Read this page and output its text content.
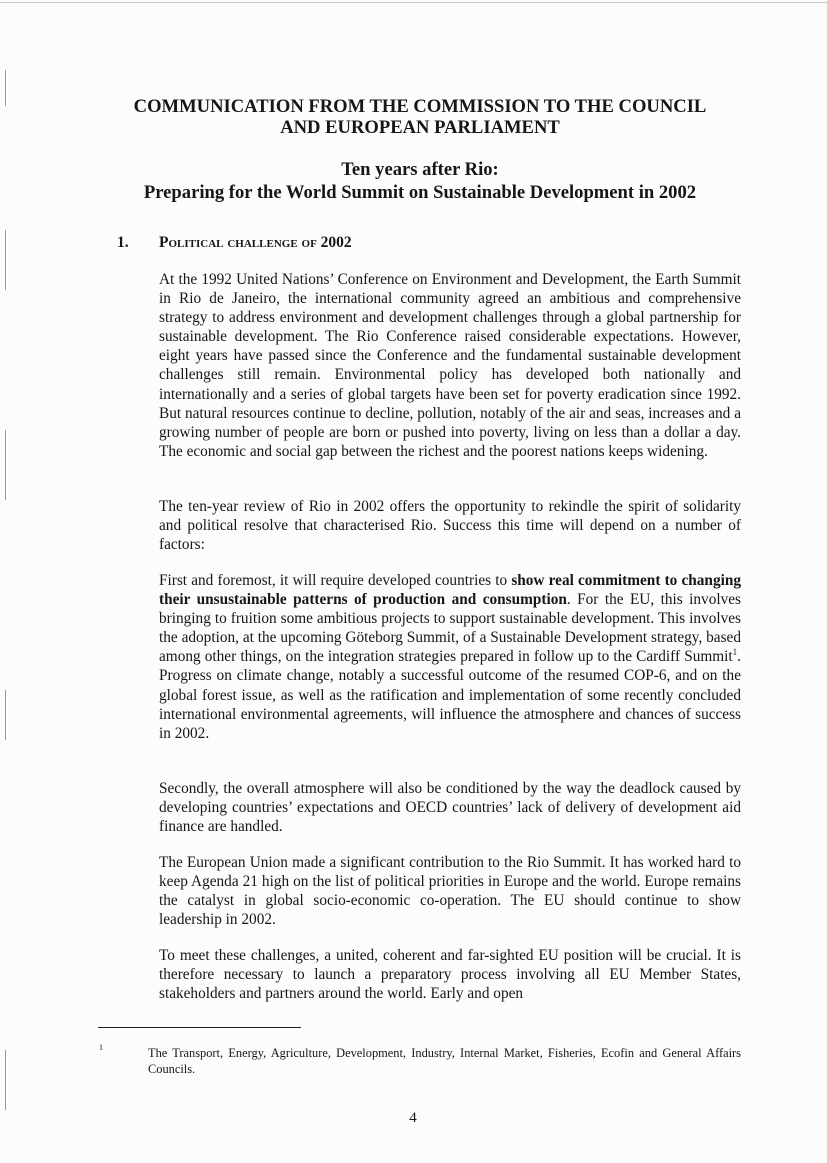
COMMUNICATION FROM THE COMMISSION TO THE COUNCIL
AND EUROPEAN PARLIAMENT
Ten years after Rio:
Preparing for the World Summit on Sustainable Development in 2002
1. Political challenge of 2002

At the 1992 United Nations’ Conference on Environment and Development, the Earth Summit in Rio de Janeiro, the international community agreed an ambitious and comprehensive strategy to address environment and development challenges through a global partnership for sustainable development. The Rio Conference raised considerable expectations. However, eight years have passed since the Conference and the fundamental sustainable development challenges still remain. Environmental policy has developed both nationally and internationally and a series of global targets have been set for poverty eradication since 1992. But natural resources continue to decline, pollution, notably of the air and seas, increases and a growing number of people are born or pushed into poverty, living on less than a dollar a day. The economic and social gap between the richest and the poorest nations keeps widening.

The ten-year review of Rio in 2002 offers the opportunity to rekindle the spirit of solidarity and political resolve that characterised Rio. Success this time will depend on a number of factors:

First and foremost, it will require developed countries to show real commitment to changing their unsustainable patterns of production and consumption. For the EU, this involves bringing to fruition some ambitious projects to support sustainable development. This involves the adoption, at the upcoming Göteborg Summit, of a Sustainable Development strategy, based among other things, on the integration strategies prepared in follow up to the Cardiff Summit$^1$. Progress on climate change, notably a successful outcome of the resumed COP-6, and on the global forest issue, as well as the ratification and implementation of some recently concluded international environmental agreements, will influence the atmosphere and chances of success in 2002.

Secondly, the overall atmosphere will also be conditioned by the way the deadlock caused by developing countries’ expectations and OECD countries’ lack of delivery of development aid finance are handled.

The European Union made a significant contribution to the Rio Summit. It has worked hard to keep Agenda 21 high on the list of political priorities in Europe and the world. Europe remains the catalyst in global socio-economic co-operation. The EU should continue to show leadership in 2002.

To meet these challenges, a united, coherent and far-sighted EU position will be crucial. It is therefore necessary to launch a preparatory process involving all EU Member States, stakeholders and partners around the world. Early and open

1	The Transport, Energy, Agriculture, Development, Industry, Internal Market, Fisheries, Ecofin and General Affairs Councils.

4
